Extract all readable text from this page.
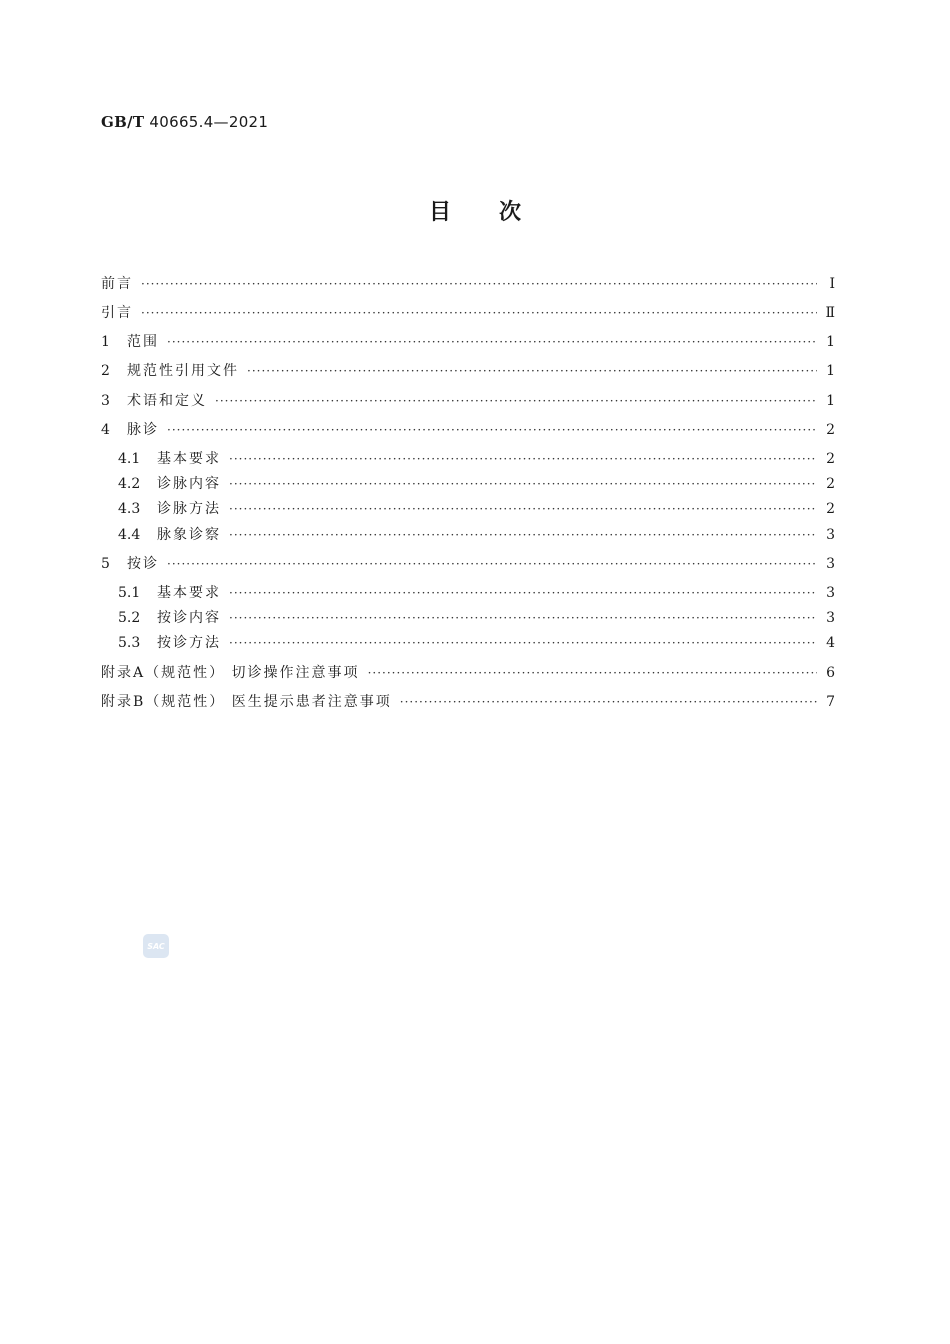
GB/T 40665.4—2021
目次
前言 ·····	Ⅰ
引言 ·····	Ⅱ
1	范围 ·····	1
2	规范性引用文件 ·····	1
3	术语和定义 ·····	1
4	脉诊 ·····	2
4.1	基本要求 ·····	2
4.2	诊脉内容 ·····	2
4.3	诊脉方法 ·····	2
4.4	脉象诊察 ·····	3
5	按诊 ·····	3
5.1	基本要求 ·····	3
5.2	按诊内容 ·····	3
5.3	按诊方法 ·····	4
附录A（规范性） 切诊操作注意事项 ·····	6
附录B（规范性） 医生提示患者注意事项 ·····	7
SAC
